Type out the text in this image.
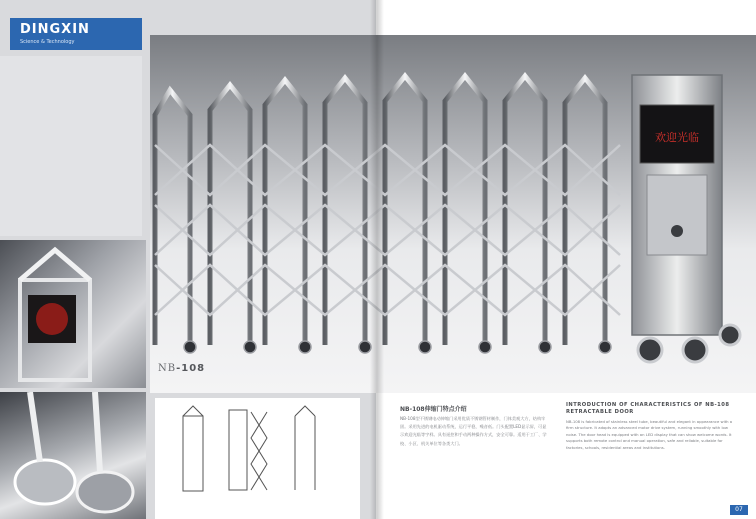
DINGXIN
Science & Technology
欢迎光临
NB-108
NB-108伸缩门特点介绍
NB-108型不锈钢电动伸缩门采用优质不锈钢管材制作，门体美观大方，结构牢固。采用先进的电机驱动系统，运行平稳，噪音低。门头配置LED显示屏，可显示欢迎光临等字样。具有遥控和手动两种操作方式，安全可靠。适用于工厂、学校、小区、机关单位等各类大门。
INTRODUCTION OF CHARACTERISTICS OF NB-108 RETRACTABLE DOOR
NB-108 is fabricated of stainless steel tube, beautiful and elegant in appearance with a firm structure. It adopts an advanced motor drive system, running smoothly with low noise. The door head is equipped with an LED display that can show welcome words. It supports both remote control and manual operation, safe and reliable, suitable for factories, schools, residential areas and institutions.
07
